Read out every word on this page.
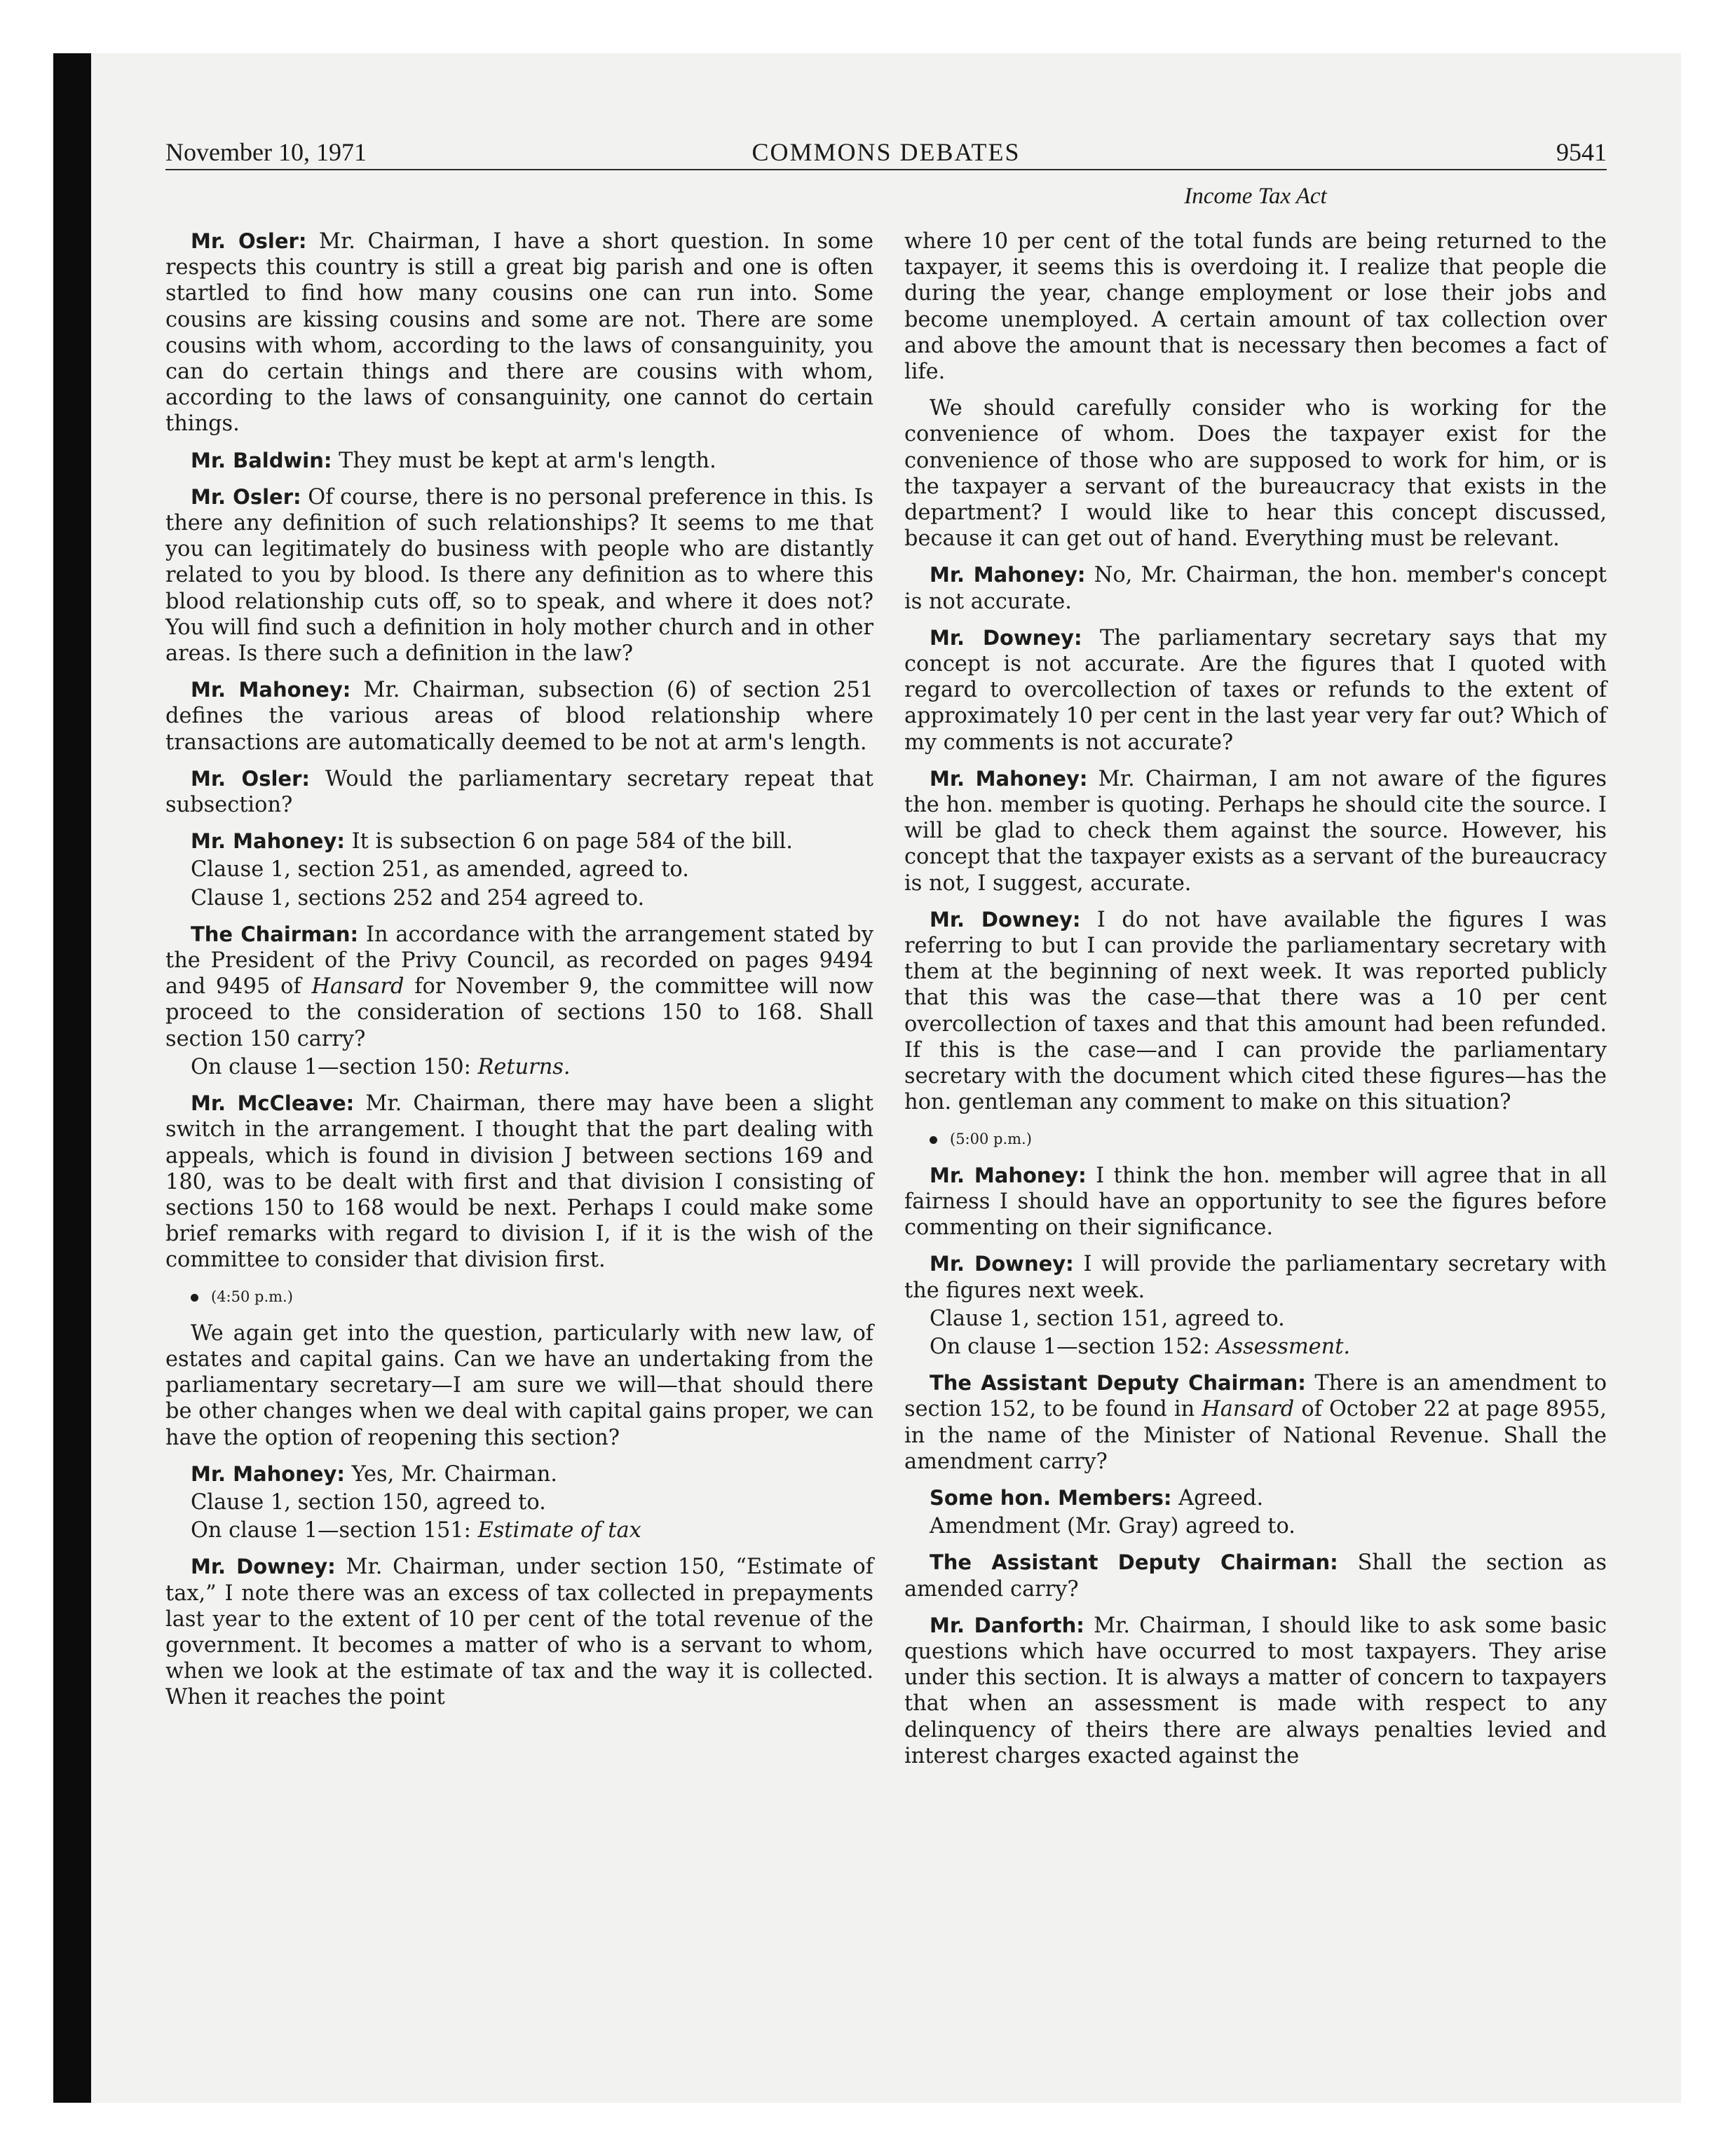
November 10, 1971	COMMONS DEBATES	9541
Income Tax Act

Mr. Osler: Mr. Chairman, I have a short question. In some respects this country is still a great big parish and one is often startled to find how many cousins one can run into. Some cousins are kissing cousins and some are not. There are some cousins with whom, according to the laws of consanguinity, you can do certain things and there are cousins with whom, according to the laws of consanguinity, one cannot do certain things.

Mr. Baldwin: They must be kept at arm's length.

Mr. Osler: Of course, there is no personal preference in this. Is there any definition of such relationships? It seems to me that you can legitimately do business with people who are distantly related to you by blood. Is there any definition as to where this blood relationship cuts off, so to speak, and where it does not? You will find such a definition in holy mother church and in other areas. Is there such a definition in the law?

Mr. Mahoney: Mr. Chairman, subsection (6) of section 251 defines the various areas of blood relationship where transactions are automatically deemed to be not at arm's length.

Mr. Osler: Would the parliamentary secretary repeat that subsection?

Mr. Mahoney: It is subsection 6 on page 584 of the bill.

Clause 1, section 251, as amended, agreed to.

Clause 1, sections 252 and 254 agreed to.

The Chairman: In accordance with the arrangement stated by the President of the Privy Council, as recorded on pages 9494 and 9495 of Hansard for November 9, the committee will now proceed to the consideration of sections 150 to 168. Shall section 150 carry?

On clause 1—section 150: Returns.

Mr. McCleave: Mr. Chairman, there may have been a slight switch in the arrangement. I thought that the part dealing with appeals, which is found in division J between sections 169 and 180, was to be dealt with first and that division I consisting of sections 150 to 168 would be next. Perhaps I could make some brief remarks with regard to division I, if it is the wish of the committee to consider that division first.

(4:50 p.m.)

We again get into the question, particularly with new law, of estates and capital gains. Can we have an undertaking from the parliamentary secretary—I am sure we will—that should there be other changes when we deal with capital gains proper, we can have the option of reopening this section?

Mr. Mahoney: Yes, Mr. Chairman.

Clause 1, section 150, agreed to.

On clause 1—section 151: Estimate of tax

Mr. Downey: Mr. Chairman, under section 150, “Estimate of tax,” I note there was an excess of tax collected in prepayments last year to the extent of 10 per cent of the total revenue of the government. It becomes a matter of who is a servant to whom, when we look at the estimate of tax and the way it is collected. When it reaches the point

where 10 per cent of the total funds are being returned to the taxpayer, it seems this is overdoing it. I realize that people die during the year, change employment or lose their jobs and become unemployed. A certain amount of tax collection over and above the amount that is necessary then becomes a fact of life.

We should carefully consider who is working for the convenience of whom. Does the taxpayer exist for the convenience of those who are supposed to work for him, or is the taxpayer a servant of the bureaucracy that exists in the department? I would like to hear this concept discussed, because it can get out of hand. Everything must be relevant.

Mr. Mahoney: No, Mr. Chairman, the hon. member's concept is not accurate.

Mr. Downey: The parliamentary secretary says that my concept is not accurate. Are the figures that I quoted with regard to overcollection of taxes or refunds to the extent of approximately 10 per cent in the last year very far out? Which of my comments is not accurate?

Mr. Mahoney: Mr. Chairman, I am not aware of the figures the hon. member is quoting. Perhaps he should cite the source. I will be glad to check them against the source. However, his concept that the taxpayer exists as a servant of the bureaucracy is not, I suggest, accurate.

Mr. Downey: I do not have available the figures I was referring to but I can provide the parliamentary secretary with them at the beginning of next week. It was reported publicly that this was the case—that there was a 10 per cent overcollection of taxes and that this amount had been refunded. If this is the case—and I can provide the parliamentary secretary with the document which cited these figures—has the hon. gentleman any comment to make on this situation?

(5:00 p.m.)

Mr. Mahoney: I think the hon. member will agree that in all fairness I should have an opportunity to see the figures before commenting on their significance.

Mr. Downey: I will provide the parliamentary secretary with the figures next week.

Clause 1, section 151, agreed to.

On clause 1—section 152: Assessment.

The Assistant Deputy Chairman: There is an amendment to section 152, to be found in Hansard of October 22 at page 8955, in the name of the Minister of National Revenue. Shall the amendment carry?

Some hon. Members: Agreed.

Amendment (Mr. Gray) agreed to.

The Assistant Deputy Chairman: Shall the section as amended carry?

Mr. Danforth: Mr. Chairman, I should like to ask some basic questions which have occurred to most taxpayers. They arise under this section. It is always a matter of concern to taxpayers that when an assessment is made with respect to any delinquency of theirs there are always penalties levied and interest charges exacted against the
